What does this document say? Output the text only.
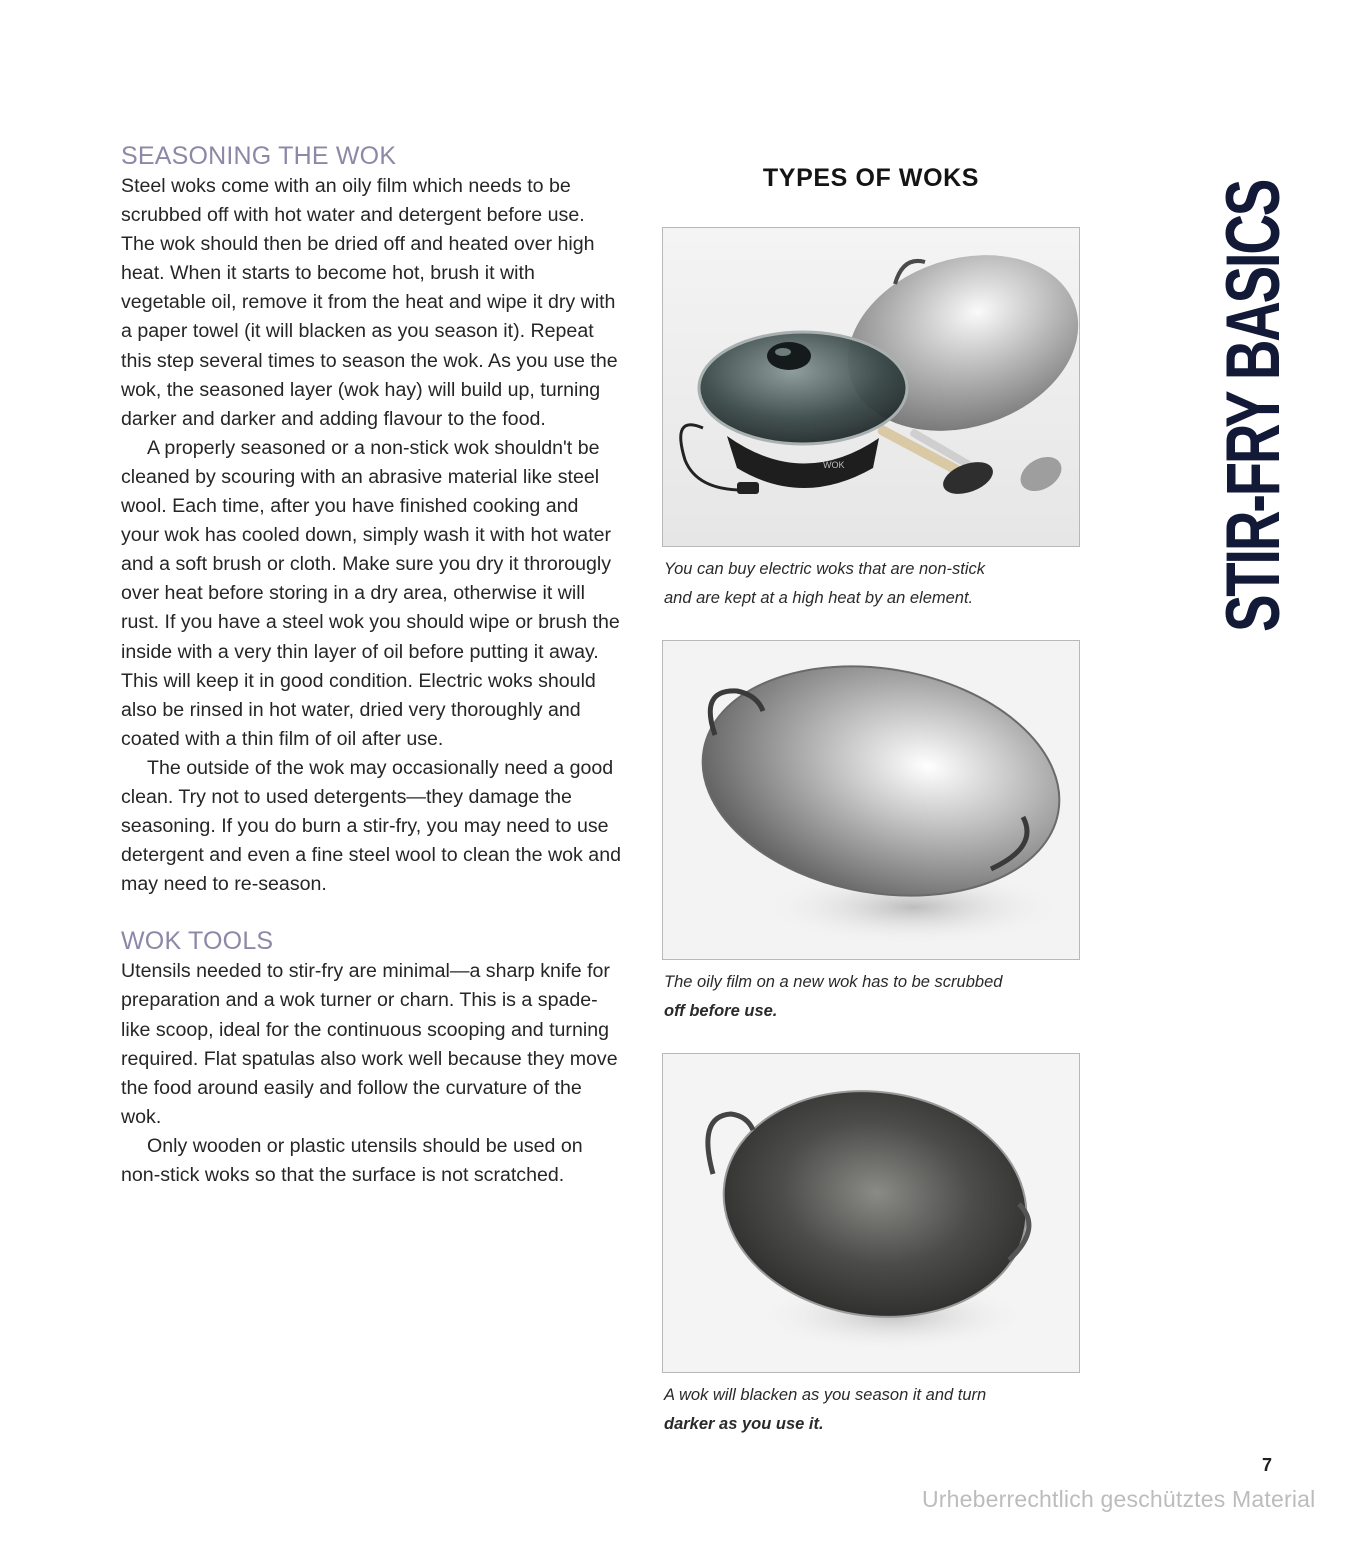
SEASONING THE WOK

Steel woks come with an oily film which needs to be scrubbed off with hot water and detergent before use. The wok should then be dried off and heated over high heat. When it starts to become hot, brush it with vegetable oil, remove it from the heat and wipe it dry with a paper towel (it will blacken as you season it). Repeat this step several times to season the wok. As you use the wok, the seasoned layer (wok hay) will build up, turning darker and darker and adding flavour to the food.

A properly seasoned or a non-stick wok shouldn't be cleaned by scouring with an abrasive material like steel wool. Each time, after you have finished cooking and your wok has cooled down, simply wash it with hot water and a soft brush or cloth. Make sure you dry it throrougly over heat before storing in a dry area, otherwise it will rust. If you have a steel wok you should wipe or brush the inside with a very thin layer of oil before putting it away. This will keep it in good condition. Electric woks should also be rinsed in hot water, dried very thoroughly and coated with a thin film of oil after use.

The outside of the wok may occasionally need a good clean. Try not to used detergents—they damage the seasoning. If you do burn a stir-fry, you may need to use detergent and even a fine steel wool to clean the wok and may need to re-season.

WOK TOOLS

Utensils needed to stir-fry are minimal—a sharp knife for preparation and a wok turner or charn. This is a spade-like scoop, ideal for the continuous scooping and turning required. Flat spatulas also work well because they move the food around easily and follow the curvature of the wok.

Only wooden or plastic utensils should be used on non-stick woks so that the surface is not scratched.

TYPES OF WOKS
WOK
You can buy electric woks that are non-stick
and are kept at a high heat by an element.
The oily film on a new wok has to be scrubbed
off before use.
A wok will blacken as you season it and turn
darker as you use it.
STIR-FRY BASICS
7
Urheberrechtlich geschütztes Material
